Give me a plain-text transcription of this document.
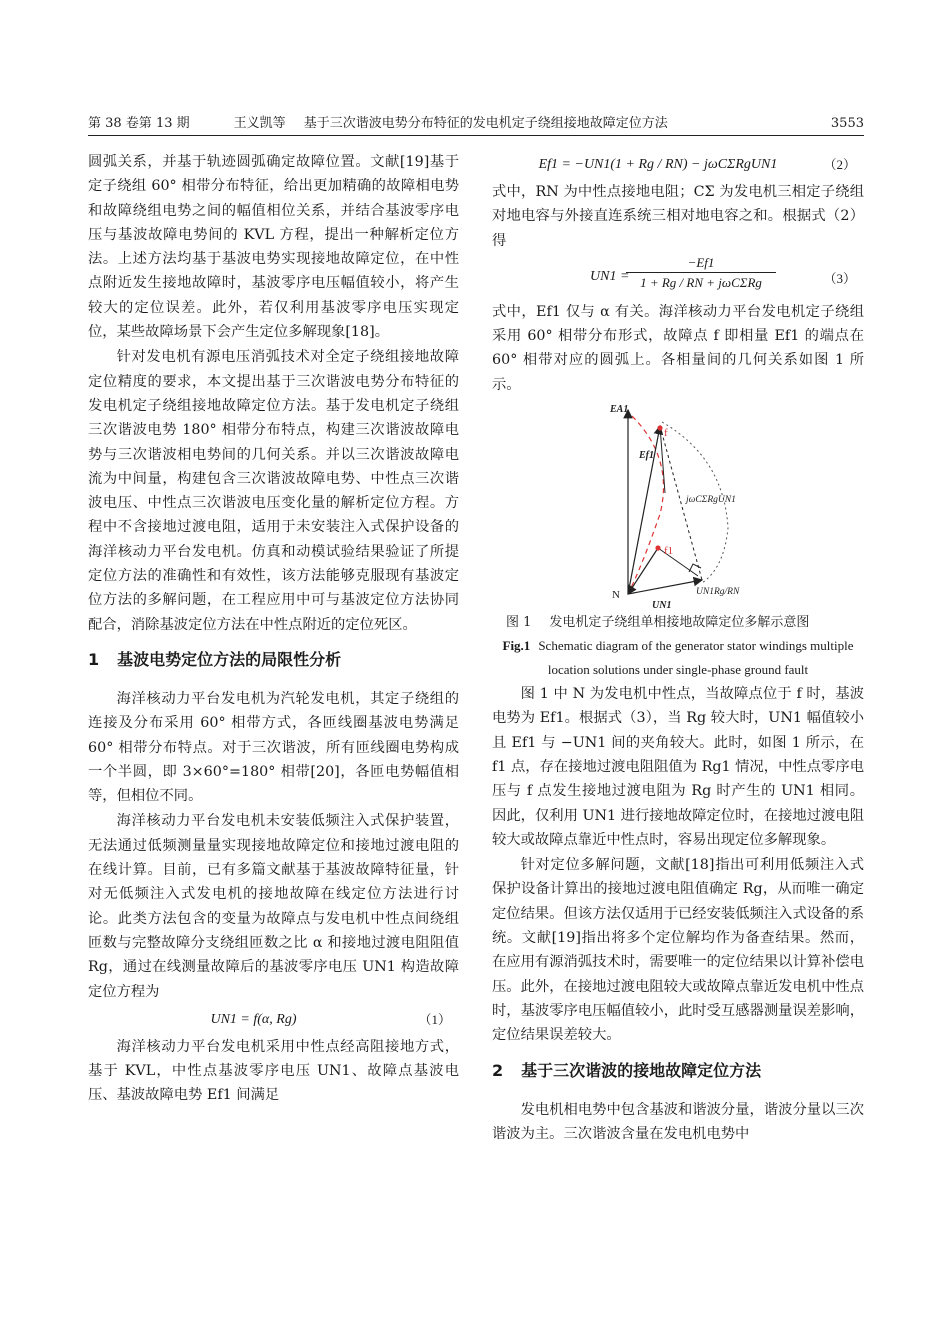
第 38 卷第 13 期	王义凯等 基于三次谐波电势分布特征的发电机定子绕组接地故障定位方法	3553

圆弧关系，并基于轨迹圆弧确定故障位置。文献[19]基于定子绕组 60° 相带分布特征，给出更加精确的故障相电势和故障绕组电势之间的幅值相位关系，并结合基波零序电压与基波故障电势间的 KVL 方程，提出一种解析定位方法。上述方法均基于基波电势实现接地故障定位，在中性点附近发生接地故障时，基波零序电压幅值较小，将产生较大的定位误差。此外，若仅利用基波零序电压实现定位，某些故障场景下会产生定位多解现象[18]。

针对发电机有源电压消弧技术对全定子绕组接地故障定位精度的要求，本文提出基于三次谐波电势分布特征的发电机定子绕组接地故障定位方法。基于发电机定子绕组三次谐波电势 180° 相带分布特点，构建三次谐波故障电势与三次谐波相电势间的几何关系。并以三次谐波故障电流为中间量，构建包含三次谐波故障电势、中性点三次谐波电压、中性点三次谐波电压变化量的解析定位方程。方程中不含接地过渡电阻，适用于未安装注入式保护设备的海洋核动力平台发电机。仿真和动模试验结果验证了所提定位方法的准确性和有效性，该方法能够克服现有基波定位方法的多解问题，在工程应用中可与基波定位方法协同配合，消除基波定位方法在中性点附近的定位死区。

1 基波电势定位方法的局限性分析

海洋核动力平台发电机为汽轮发电机，其定子绕组的连接及分布采用 60° 相带方式，各匝线圈基波电势满足 60° 相带分布特点。对于三次谐波，所有匝线圈电势构成一个半圆，即 3×60°=180° 相带[20]，各匝电势幅值相等，但相位不同。

海洋核动力平台发电机未安装低频注入式保护装置，无法通过低频测量量实现接地故障定位和接地过渡电阻的在线计算。目前，已有多篇文献基于基波故障特征量，针对无低频注入式发电机的接地故障在线定位方法进行讨论。此类方法包含的变量为故障点与发电机中性点间绕组匝数与完整故障分支绕组匝数之比 α 和接地过渡电阻阻值 Rg，通过在线测量故障后的基波零序电压 UN1 构造故障定位方程为

UN1 = f(α, Rg)	（1）

海洋核动力平台发电机采用中性点经高阻接地方式，基于 KVL，中性点基波零序电压 UN1、故障点基波电压、基波故障电势 Ef1 间满足

Ef1 = −UN1(1 + Rg / RN) − jωCΣRgUN1	（2）

式中，RN 为中性点接地电阻；CΣ 为发电机三相定子绕组对地电容与外接直连系统三相对地电容之和。根据式（2）得

UN1 =
−Ef1
1 + Rg / RN + jωCΣRg	（3）

式中，Ef1 仅与 α 有关。海洋核动力平台发电机定子绕组采用 60° 相带分布形式，故障点 f 即相量 Ef1 的端点在 60° 相带对应的圆弧上。各相量间的几何关系如图 1 所示。

EA1
f
Ef1
jωCΣRgUN1
f1
N	UN1Rg/RN
UN1
图 1 发电机定子绕组单相接地故障定位多解示意图
Fig.1 Schematic diagram of the generator stator windings multiple location solutions under single-phase ground fault

图 1 中 N 为发电机中性点，当故障点位于 f 时，基波电势为 Ef1。根据式（3），当 Rg 较大时，UN1 幅值较小且 Ef1 与 −UN1 间的夹角较大。此时，如图 1 所示，在 f1 点，存在接地过渡电阻阻值为 Rg1 情况，中性点零序电压与 f 点发生接地过渡电阻为 Rg 时产生的 UN1 相同。因此，仅利用 UN1 进行接地故障定位时，在接地过渡电阻较大或故障点靠近中性点时，容易出现定位多解现象。

针对定位多解问题，文献[18]指出可利用低频注入式保护设备计算出的接地过渡电阻值确定 Rg，从而唯一确定定位结果。但该方法仅适用于已经安装低频注入式设备的系统。文献[19]指出将多个定位解均作为备查结果。然而，在应用有源消弧技术时，需要唯一的定位结果以计算补偿电压。此外，在接地过渡电阻较大或故障点靠近发电机中性点时，基波零序电压幅值较小，此时受互感器测量误差影响，定位结果误差较大。

2 基于三次谐波的接地故障定位方法

发电机相电势中包含基波和谐波分量，谐波分量以三次谐波为主。三次谐波含量在发电机电势中
